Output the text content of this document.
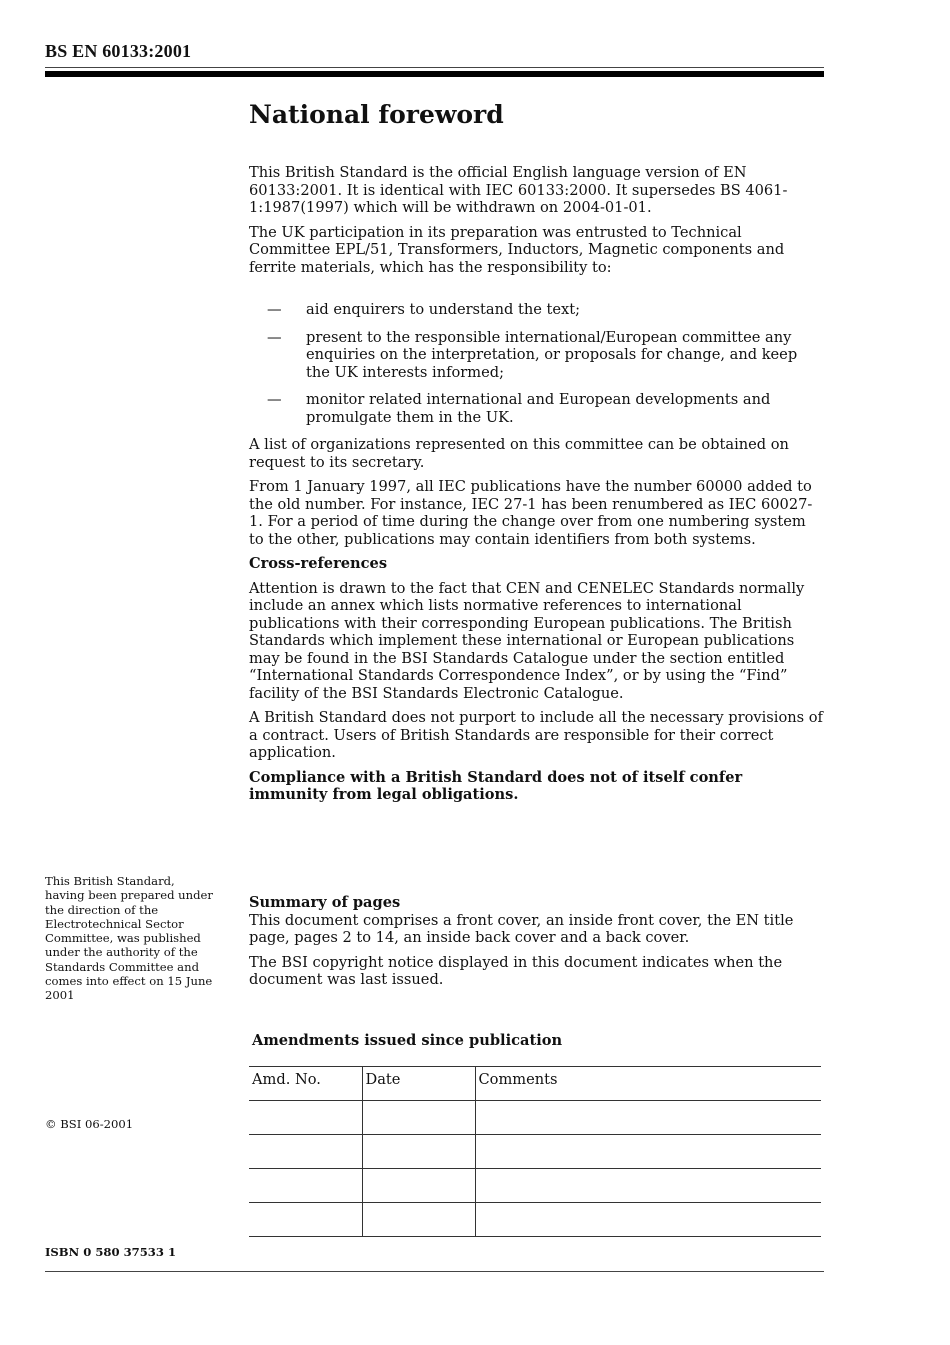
BS EN 60133:2001
National foreword

This British Standard is the official English language version of EN 60133:2001. It is identical with IEC 60133:2000. It supersedes BS 4061-1:1987(1997) which will be withdrawn on 2004-01-01.

The UK participation in its preparation was entrusted to Technical Committee EPL/51, Transformers, Inductors, Magnetic components and ferrite materials, which has the responsibility to:

— aid enquirers to understand the text;
— present to the responsible international/European committee any enquiries on the interpretation, or proposals for change, and keep the UK interests informed;
— monitor related international and European developments and promulgate them in the UK.

A list of organizations represented on this committee can be obtained on request to its secretary.

From 1 January 1997, all IEC publications have the number 60000 added to the old number. For instance, IEC 27-1 has been renumbered as IEC 60027-1. For a period of time during the change over from one numbering system to the other, publications may contain identifiers from both systems.

Cross-references

Attention is drawn to the fact that CEN and CENELEC Standards normally include an annex which lists normative references to international publications with their corresponding European publications. The British Standards which implement these international or European publications may be found in the BSI Standards Catalogue under the section entitled “International Standards Correspondence Index”, or by using the “Find” facility of the BSI Standards Electronic Catalogue.

A British Standard does not purport to include all the necessary provisions of a contract. Users of British Standards are responsible for their correct application.

Compliance with a British Standard does not of itself confer immunity from legal obligations.

Summary of pages

This document comprises a front cover, an inside front cover, the EN title page, pages 2 to 14, an inside back cover and a back cover.

The BSI copyright notice displayed in this document indicates when the document was last issued.

This British Standard, having been prepared under the direction of the Electrotechnical Sector Committee, was published under the authority of the Standards Committee and comes into effect on 15 June 2001
© BSI 06-2001
ISBN 0 580 37533 1
Amendments issued since publication
Amd. No.	Date	Comments
